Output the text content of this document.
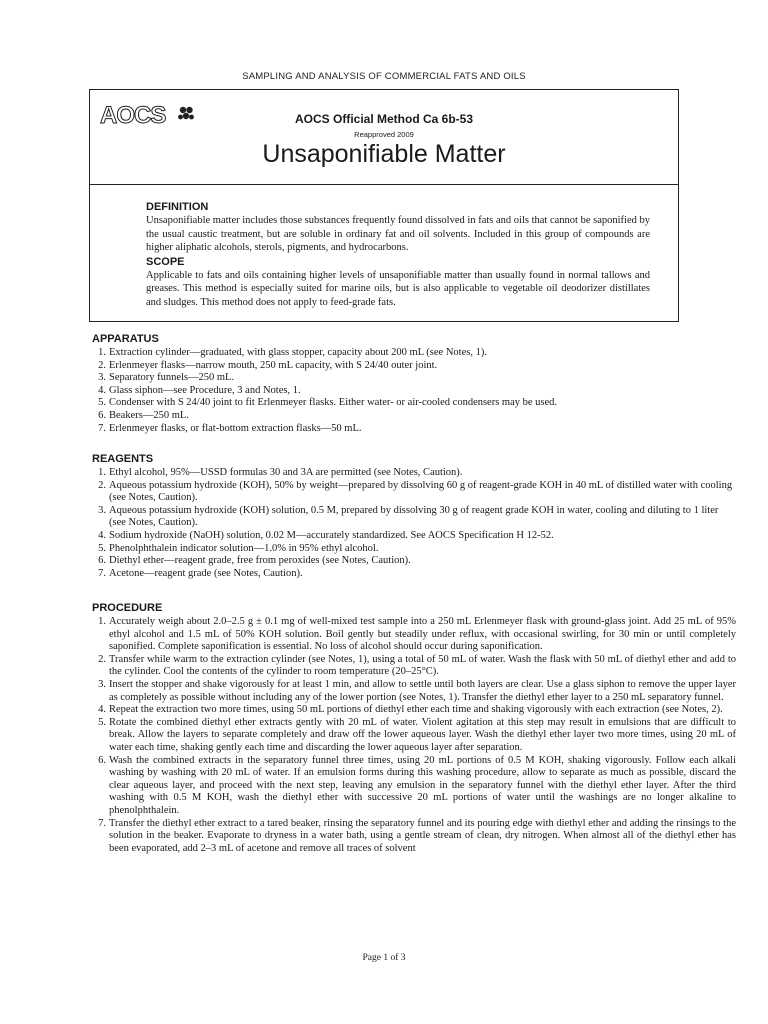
SAMPLING AND ANALYSIS OF COMMERCIAL FATS AND OILS
AOCS	AOCS Official Method Ca 6b-53
Reapproved 2009
Unsaponifiable Matter

DEFINITION

Unsaponifiable matter includes those substances frequently found dissolved in fats and oils that cannot be saponified by the usual caustic treatment, but are soluble in ordinary fat and oil solvents. Included in this group of compounds are higher aliphatic alcohols, sterols, pigments, and hydrocarbons.

SCOPE

Applicable to fats and oils containing higher levels of unsaponifiable matter than usually found in normal tallows and greases. This method is especially suited for marine oils, but is also applicable to vegetable oil deodorizer distillates and sludges. This method does not apply to feed-grade fats.

APPARATUS

1. Extraction cylinder—graduated, with glass stopper, capacity about 200 mL (see Notes, 1).
2. Erlenmeyer flasks—narrow mouth, 250 mL capacity, with S 24/40 outer joint.
3. Separatory funnels—250 mL.
4. Glass siphon—see Procedure, 3 and Notes, 1.
5. Condenser with S 24/40 joint to fit Erlenmeyer flasks. Either water- or air-cooled condensers may be used.
6. Beakers—250 mL.
7. Erlenmeyer flasks, or flat-bottom extraction flasks—50 mL.

REAGENTS

1. Ethyl alcohol, 95%—USSD formulas 30 and 3A are permitted (see Notes, Caution).
2. Aqueous potassium hydroxide (KOH), 50% by weight—prepared by dissolving 60 g of reagent-grade KOH in 40 mL of distilled water with cooling (see Notes, Caution).
3. Aqueous potassium hydroxide (KOH) solution, 0.5 M, prepared by dissolving 30 g of reagent grade KOH in water, cooling and diluting to 1 liter (see Notes, Caution).
4. Sodium hydroxide (NaOH) solution, 0.02 M—accurately standardized. See AOCS Specification H 12-52.
5. Phenolphthalein indicator solution—1.0% in 95% ethyl alcohol.
6. Diethyl ether—reagent grade, free from peroxides (see Notes, Caution).
7. Acetone—reagent grade (see Notes, Caution).

PROCEDURE

1. Accurately weigh about 2.0–2.5 g ± 0.1 mg of well-mixed test sample into a 250 mL Erlenmeyer flask with ground-glass joint. Add 25 mL of 95% ethyl alcohol and 1.5 mL of 50% KOH solution. Boil gently but steadily under reflux, with occasional swirling, for 30 min or until completely saponified. Complete saponification is essential. No loss of alcohol should occur during saponification.
2. Transfer while warm to the extraction cylinder (see Notes, 1), using a total of 50 mL of water. Wash the flask with 50 mL of diethyl ether and add to the cylinder. Cool the contents of the cylinder to room temperature (20–25°C).
3. Insert the stopper and shake vigorously for at least 1 min, and allow to settle until both layers are clear. Use a glass siphon to remove the upper layer as completely as possible without including any of the lower portion (see Notes, 1). Transfer the diethyl ether layer to a 250 mL separatory funnel.
4. Repeat the extraction two more times, using 50 mL portions of diethyl ether each time and shaking vigorously with each extraction (see Notes, 2).
5. Rotate the combined diethyl ether extracts gently with 20 mL of water. Violent agitation at this step may result in emulsions that are difficult to break. Allow the layers to separate completely and draw off the lower aqueous layer. Wash the diethyl ether layer two more times, using 20 mL of water each time, shaking gently each time and discarding the lower aqueous layer after separation.
6. Wash the combined extracts in the separatory funnel three times, using 20 mL portions of 0.5 M KOH, shaking vigorously. Follow each alkali washing by washing with 20 mL of water. If an emulsion forms during this washing procedure, allow to separate as much as possible, discard the clear aqueous layer, and proceed with the next step, leaving any emulsion in the separatory funnel with the diethyl ether layer. After the third washing with 0.5 M KOH, wash the diethyl ether with successive 20 mL portions of water until the washings are no longer alkaline to phenolphthalein.
7. Transfer the diethyl ether extract to a tared beaker, rinsing the separatory funnel and its pouring edge with diethyl ether and adding the rinsings to the solution in the beaker. Evaporate to dryness in a water bath, using a gentle stream of clean, dry nitrogen. When almost all of the diethyl ether has been evaporated, add 2–3 mL of acetone and remove all traces of solvent
Page 1 of 3
